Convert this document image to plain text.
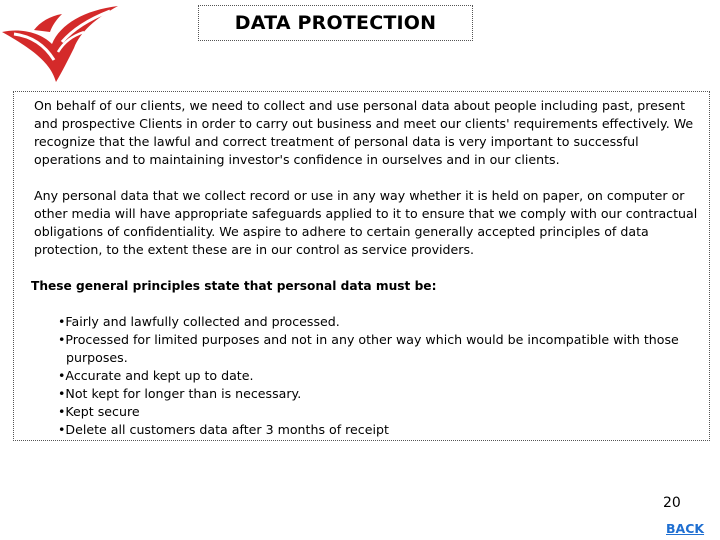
DATA PROTECTION

On behalf of our clients, we need to collect and use personal data about people including past, present and prospective Clients in order to carry out business and meet our clients' requirements effectively. We recognize that the lawful and correct treatment of personal data is very important to successful operations and to maintaining investor's confidence in ourselves and in our clients.

Any personal data that we collect record or use in any way whether it is held on paper, on computer or other media will have appropriate safeguards applied to it to ensure that we comply with our contractual obligations of confidentiality. We aspire to adhere to certain generally accepted principles of data protection, to the extent these are in our control as service providers.

These general principles state that personal data must be:

•Fairly and lawfully collected and processed.
•Processed for limited purposes and not in any other way which would be incompatible with those purposes.
•Accurate and kept up to date.
•Not kept for longer than is necessary.
•Kept secure
•Delete all customers data after 3 months of receipt
20
BACK
